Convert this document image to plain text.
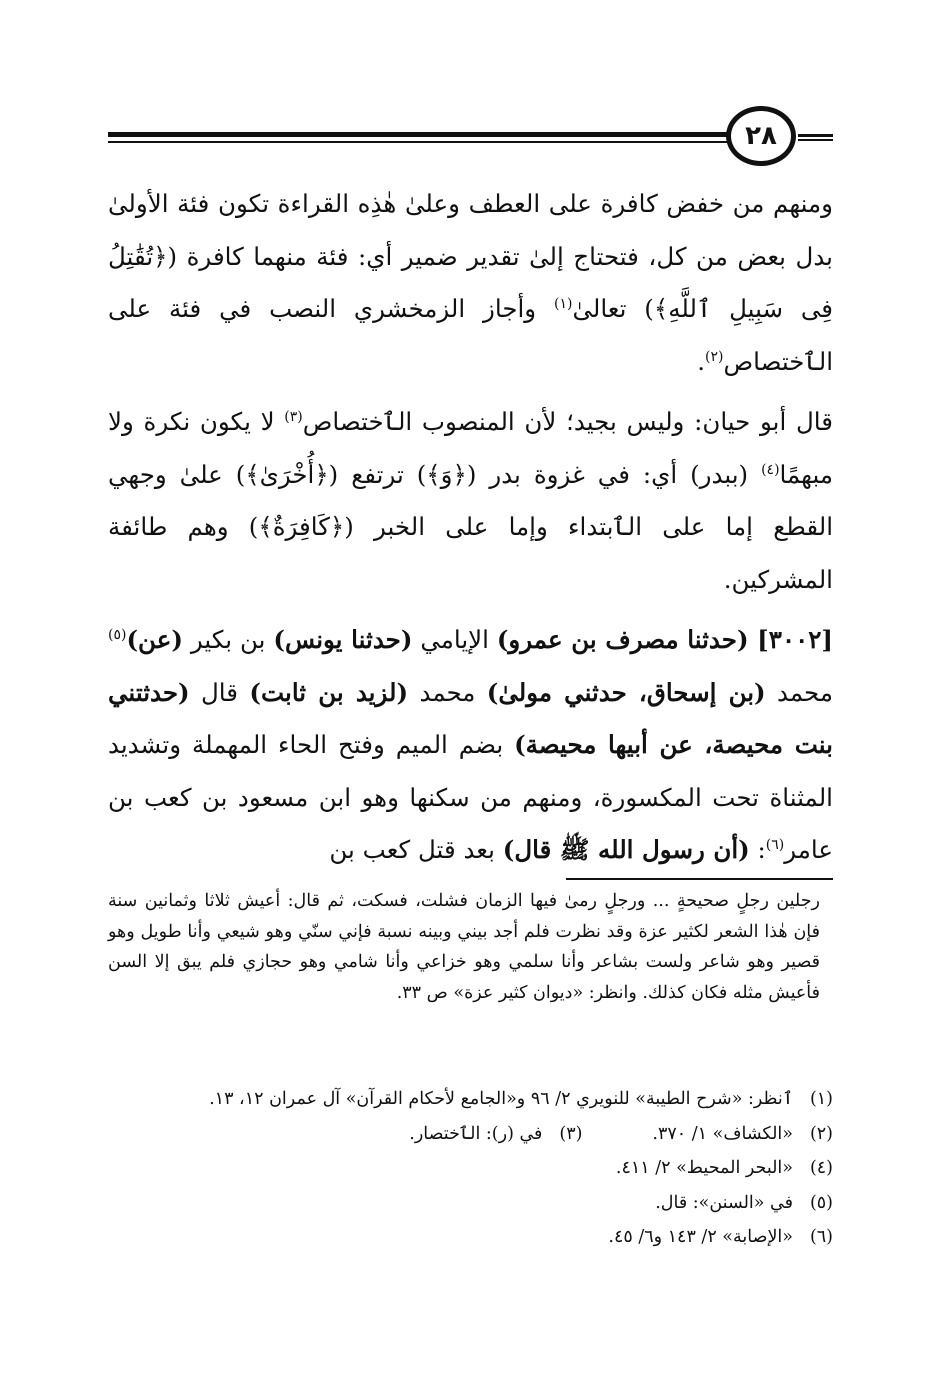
٢٨

ومنهم من خفض كافرة على العطف وعلىٰ هٰذِه القراءة تكون فئة الأولىٰ بدل بعض من كل، فتحتاج إلىٰ تقدير ضمير أي: فئة منهما كافرة (﴿تُقَٰتِلُ فِى سَبِيلِ ٱللَّهِ﴾) تعالىٰ$^{(١)}$ وأجاز الزمخشري النصب في فئة على الٱختصاص$^{(٢)}$.

قال أبو حيان: وليس بجيد؛ لأن المنصوب الٱختصاص$^{(٣)}$ لا يكون نكرة ولا مبهمًا$^{(٤)}$ (ببدر) أي: في غزوة بدر (﴿وَ﴾) ترتفع (﴿أُخْرَىٰ﴾) علىٰ وجهي القطع إما على الٱبتداء وإما على الخبر (﴿كَافِرَةٌ﴾) وهم طائفة المشركين.

[٣٠٠٢] (حدثنا مصرف بن عمرو) الإيامي (حدثنا يونس) بن بكير (عن)$^{(٥)}$ محمد (بن إسحاق، حدثني مولىٰ) محمد (لزيد بن ثابت) قال (حدثتني بنت محيصة، عن أبيها محيصة) بضم الميم وفتح الحاء المهملة وتشديد المثناة تحت المكسورة، ومنهم من سكنها وهو ابن مسعود بن كعب بن عامر$^{(٦)}$: (أن رسول الله ﷺ قال) بعد قتل كعب بن

رجلين رجلٍ صحيحةٍ ... ورجلٍ رمىٰ فيها الزمان فشلت، فسكت، ثم قال: أعيش ثلاثا وثمانين سنة فإن هٰذا الشعر لكثير عزة وقد نظرت فلم أجد بيني وبينه نسبة فإني سنّي وهو شيعي وأنا طويل وهو قصير وهو شاعر ولست بشاعر وأنا سلمي وهو خزاعي وأنا شامي وهو حجازي فلم يبق إلا السن فأعيش مثله فكان كذلك. وانظر: «ديوان كثير عزة» ص ٣٣.

(١)
ٱنظر: «شرح الطيبة» للنويري ٢/ ٩٦ و«الجامع لأحكام القرآن» آل عمران ١٢، ١٣.
(٢)
«الكشاف» ١/ ٣٧٠.
(٣)
في (ر): الٱختصار.
(٤)
«البحر المحيط» ٢/ ٤١١.
(٥)
في «السنن»: قال.
(٦)
«الإصابة» ٢/ ١٤٣ و٦/ ٤٥.
